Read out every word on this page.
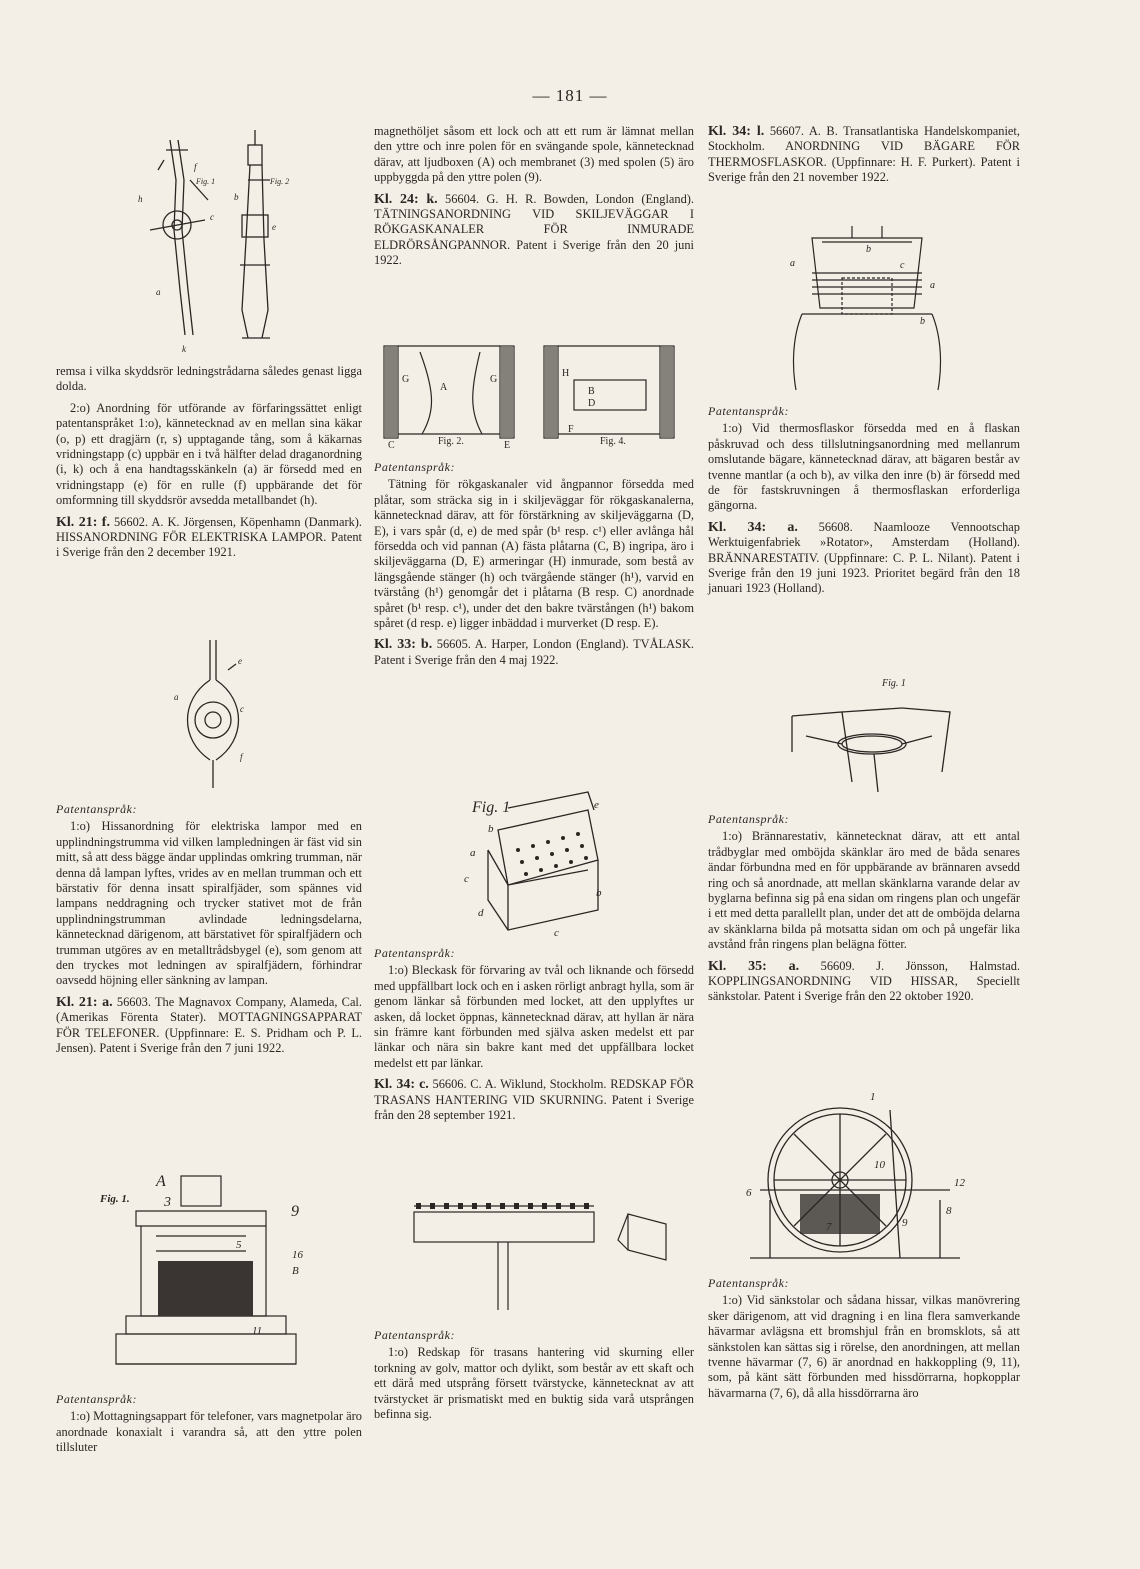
— 181 —
f
h
a
c
b
e
k
Fig. 1	Fig. 2

remsa i vilka skyddsrör ledningstrådarna således genast ligga dolda.

2:o) Anordning för utförande av förfaringssättet enligt patentanspråket 1:o), kännetecknad av en mellan sina käkar (o, p) ett dragjärn (r, s) upptagande tång, som å käkarnas vridningstapp (c) uppbär en i två hälfter delad draganordning (i, k) och å ena handtagsskänkeln (a) är försedd med en vridningstapp (e) för en rulle (f) uppbärande det för omformning till skyddsrör avsedda metallbandet (h).

Kl. 21: f. 56602. A. K. Jörgensen, Köpenhamn (Danmark). HISSANORDNING FÖR ELEKTRISKA LAMPOR. Patent i Sverige från den 2 december 1921.

e
c
a
f
Patentanspråk:

1:o) Hissanordning för elektriska lampor med en upplindningstrumma vid vilken lampledningen är fäst vid sin mitt, så att dess bägge ändar upplindas omkring trumman, när denna då lampan lyftes, vrides av en mellan trumman och ett bärstativ för denna insatt spiralfjäder, som spännes vid lampans neddragning och trycker stativet mot de från upplindningstrumman avlindade ledningsdelarna, kännetecknad därigenom, att bärstativet för spiralfjädern och trumman utgöres av en metalltrådsbygel (e), som genom att den tryckes mot ledningen av spiralfjädern, förhindrar oavsedd höjning eller sänkning av lampan.

Kl. 21: a. 56603. The Magnavox Company, Alameda, Cal. (Amerikas Förenta Stater). MOTTAGNINGSAPPARAT FÖR TELEFONER. (Uppfinnare: E. S. Pridham och P. L. Jensen). Patent i Sverige från den 7 juni 1922.

A
3
9
5
16
B
11
Fig. 1.
Patentanspråk:

1:o) Mottagningsappart för telefoner, vars magnetpolar äro anordnade konaxialt i varandra så, att den yttre polen tillsluter

magnethöljet såsom ett lock och att ett rum är lämnat mellan den yttre och inre polen för en svängande spole, kännetecknad därav, att ljudboxen (A) och membranet (3) med spolen (5) äro uppbyggda på den yttre polen (9).

Kl. 24: k. 56604. G. H. R. Bowden, London (England). TÄTNINGSANORDNING VID SKILJEVÄGGAR I RÖKGASKANALER FÖR INMURADE ELDRÖRSÅNGPANNOR. Patent i Sverige från den 20 juni 1922.

G
A
G
C	E
H
B
D
F
Fig. 2.	Fig. 4.
Patentanspråk:

Tätning för rökgaskanaler vid ångpannor försedda med plåtar, som sträcka sig in i skiljeväggar för rökgaskanalerna, kännetecknad därav, att för förstärkning av skiljeväggarna (D, E), i vars spår (d, e) de med spår (b¹ resp. c¹) eller avlånga hål försedda och vid pannan (A) fästa plåtarna (C, B) ingripa, äro i skiljeväggarna (D, E) armeringar (H) inmurade, som bestå av längsgående stänger (h) och tvärgående stänger (h¹), varvid en tvärstång (h¹) genomgår det i plåtarna (B resp. C) anordnade spåret (b¹ resp. c¹), under det den bakre tvärstången (h¹) bakom spåret (d resp. e) ligger inbäddad i murverket (D resp. E).

Kl. 33: b. 56605. A. Harper, London (England). TVÅLASK. Patent i Sverige från den 4 maj 1922.

Fig. 1	e
b
a
c
b
d
c
Patentanspråk:

1:o) Bleckask för förvaring av tvål och liknande och försedd med uppfällbart lock och en i asken rörligt anbragt hylla, som är genom länkar så förbunden med locket, att den upplyftes ur asken, då locket öppnas, kännetecknad därav, att hyllan är nära sin främre kant förbunden med själva asken medelst ett par länkar och nära sin bakre kant med det uppfällbara locket medelst ett par länkar.

Kl. 34: c. 56606. C. A. Wiklund, Stockholm. REDSKAP FÖR TRASANS HANTERING VID SKURNING. Patent i Sverige från den 28 september 1921.

Patentanspråk:

1:o) Redskap för trasans hantering vid skurning eller torkning av golv, mattor och dylikt, som består av ett skaft och ett därå med utsprång försett tvärstycke, kännetecknat av att tvärstycket är prismatiskt med en buktig sida varå utsprången befinna sig.

Kl. 34: l. 56607. A. B. Transatlantiska Handelskompaniet, Stockholm. ANORDNING VID BÄGARE FÖR THERMOSFLASKOR. (Uppfinnare: H. F. Purkert). Patent i Sverige från den 21 november 1922.

a
b
c
a
b
Patentanspråk:

1:o) Vid thermosflaskor försedda med en å flaskan påskruvad och dess tillslutningsanordning med mellanrum omslutande bägare, kännetecknad därav, att bägaren består av tvenne mantlar (a och b), av vilka den inre (b) är försedd med de för fastskruvningen å thermosflaskan erforderliga gängorna.

Kl. 34: a. 56608. Naamlooze Vennootschap Werktuigenfabriek »Rotator», Amsterdam (Holland). BRÄNNARESTATIV. (Uppfinnare: C. P. L. Nilant). Patent i Sverige från den 19 juni 1923. Prioritet begärd från den 18 januari 1923 (Holland).

Fig. 1
Patentanspråk:

1:o) Brännarestativ, kännetecknat därav, att ett antal trådbyglar med omböjda skänklar äro med de båda senares ändar förbundna med en för uppbärande av brännaren avsedd ring och så anordnade, att mellan skänklarna varande delar av byglarna befinna sig på ena sidan om ringens plan och ungefär i ett med detta parallellt plan, under det att de omböjda delarna av skänklarna bilda på motsatta sidan om och på ungefär lika avstånd från ringens plan belägna fötter.

Kl. 35: a. 56609. J. Jönsson, Halmstad. KOPPLINGSANORDNING VID HISSAR, Speciellt sänkstolar. Patent i Sverige från den 22 oktober 1920.

1
10
6
12
7	9
8
Patentanspråk:

1:o) Vid sänkstolar och sådana hissar, vilkas manövrering sker därigenom, att vid dragning i en lina flera samverkande hävarmar avlägsna ett bromshjul från en bromsklots, så att sänkstolen kan sättas sig i rörelse, den anordningen, att mellan tvenne hävarmar (7, 6) är anordnad en hakkoppling (9, 11), som, på känt sätt förbunden med hissdörrarna, hopkopplar hävarmarna (7, 6), då alla hissdörrarna äro
